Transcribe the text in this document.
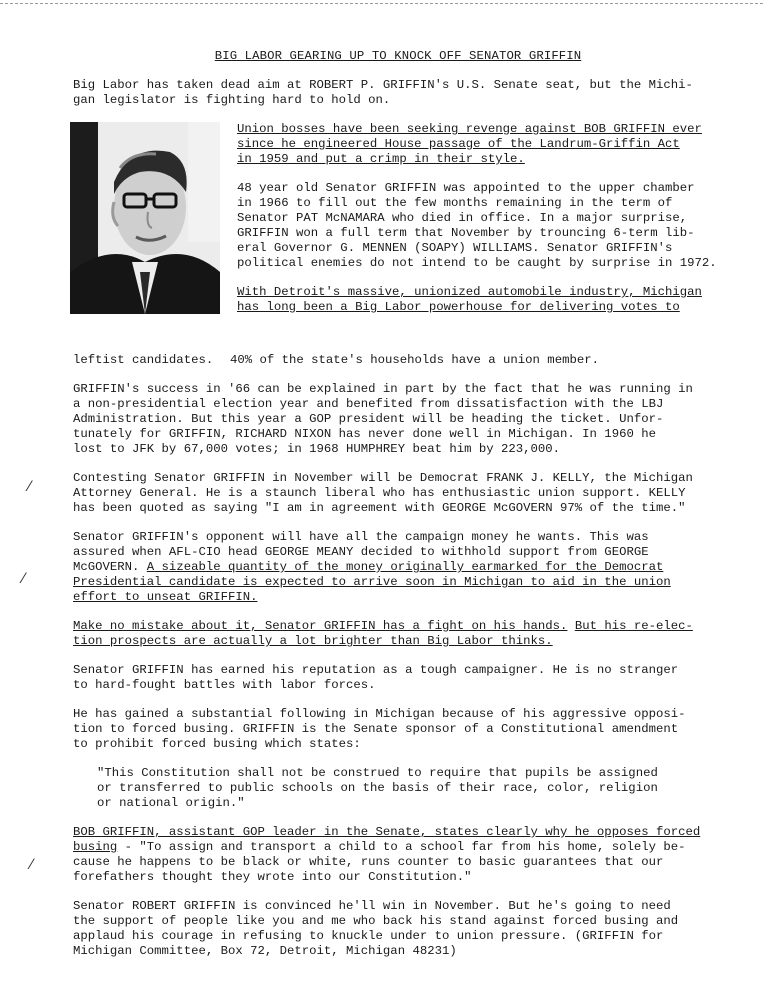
BIG LABOR GEARING UP TO KNOCK OFF SENATOR GRIFFIN

Big Labor has taken dead aim at ROBERT P. GRIFFIN's U.S. Senate seat, but the Michi-
gan legislator is fighting hard to hold on.

Union bosses have been seeking revenge against BOB GRIFFIN ever
since he engineered House passage of the Landrum-Griffin Act
in 1959 and put a crimp in their style.

48 year old Senator GRIFFIN was appointed to the upper chamber
in 1966 to fill out the few months remaining in the term of
Senator PAT McNAMARA who died in office. In a major surprise,
GRIFFIN won a full term that November by trouncing 6-term lib-
eral Governor G. MENNEN (SOAPY) WILLIAMS. Senator GRIFFIN's
political enemies do not intend to be caught by surprise in 1972.

With Detroit's massive, unionized automobile industry, Michigan
has long been a Big Labor powerhouse for delivering votes to

leftist candidates. 40% of the state's households have a union member.

GRIFFIN's success in '66 can be explained in part by the fact that he was running in
a non-presidential election year and benefited from dissatisfaction with the LBJ
Administration. But this year a GOP president will be heading the ticket. Unfor-
tunately for GRIFFIN, RICHARD NIXON has never done well in Michigan. In 1960 he
lost to JFK by 67,000 votes; in 1968 HUMPHREY beat him by 223,000.

Contesting Senator GRIFFIN in November will be Democrat FRANK J. KELLY, the Michigan
Attorney General. He is a staunch liberal who has enthusiastic union support. KELLY
has been quoted as saying "I am in agreement with GEORGE McGOVERN 97% of the time."

Senator GRIFFIN's opponent will have all the campaign money he wants. This was
assured when AFL-CIO head GEORGE MEANY decided to withhold support from GEORGE
McGOVERN. A sizeable quantity of the money originally earmarked for the Democrat
Presidential candidate is expected to arrive soon in Michigan to aid in the union
effort to unseat GRIFFIN.

Make no mistake about it, Senator GRIFFIN has a fight on his hands. But his re-elec-
tion prospects are actually a lot brighter than Big Labor thinks.

Senator GRIFFIN has earned his reputation as a tough campaigner. He is no stranger
to hard-fought battles with labor forces.

He has gained a substantial following in Michigan because of his aggressive opposi-
tion to forced busing. GRIFFIN is the Senate sponsor of a Constitutional amendment
to prohibit forced busing which states:

"This Constitution shall not be construed to require that pupils be assigned
or transferred to public schools on the basis of their race, color, religion
or national origin."

BOB GRIFFIN, assistant GOP leader in the Senate, states clearly why he opposes forced
busing - "To assign and transport a child to a school far from his home, solely be-
cause he happens to be black or white, runs counter to basic guarantees that our
forefathers thought they wrote into our Constitution."

Senator ROBERT GRIFFIN is convinced he'll win in November. But he's going to need
the support of people like you and me who back his stand against forced busing and
applaud his courage in refusing to knuckle under to union pressure. (GRIFFIN for
Michigan Committee, Box 72, Detroit, Michigan 48231)

⁄
⁄
⁄
